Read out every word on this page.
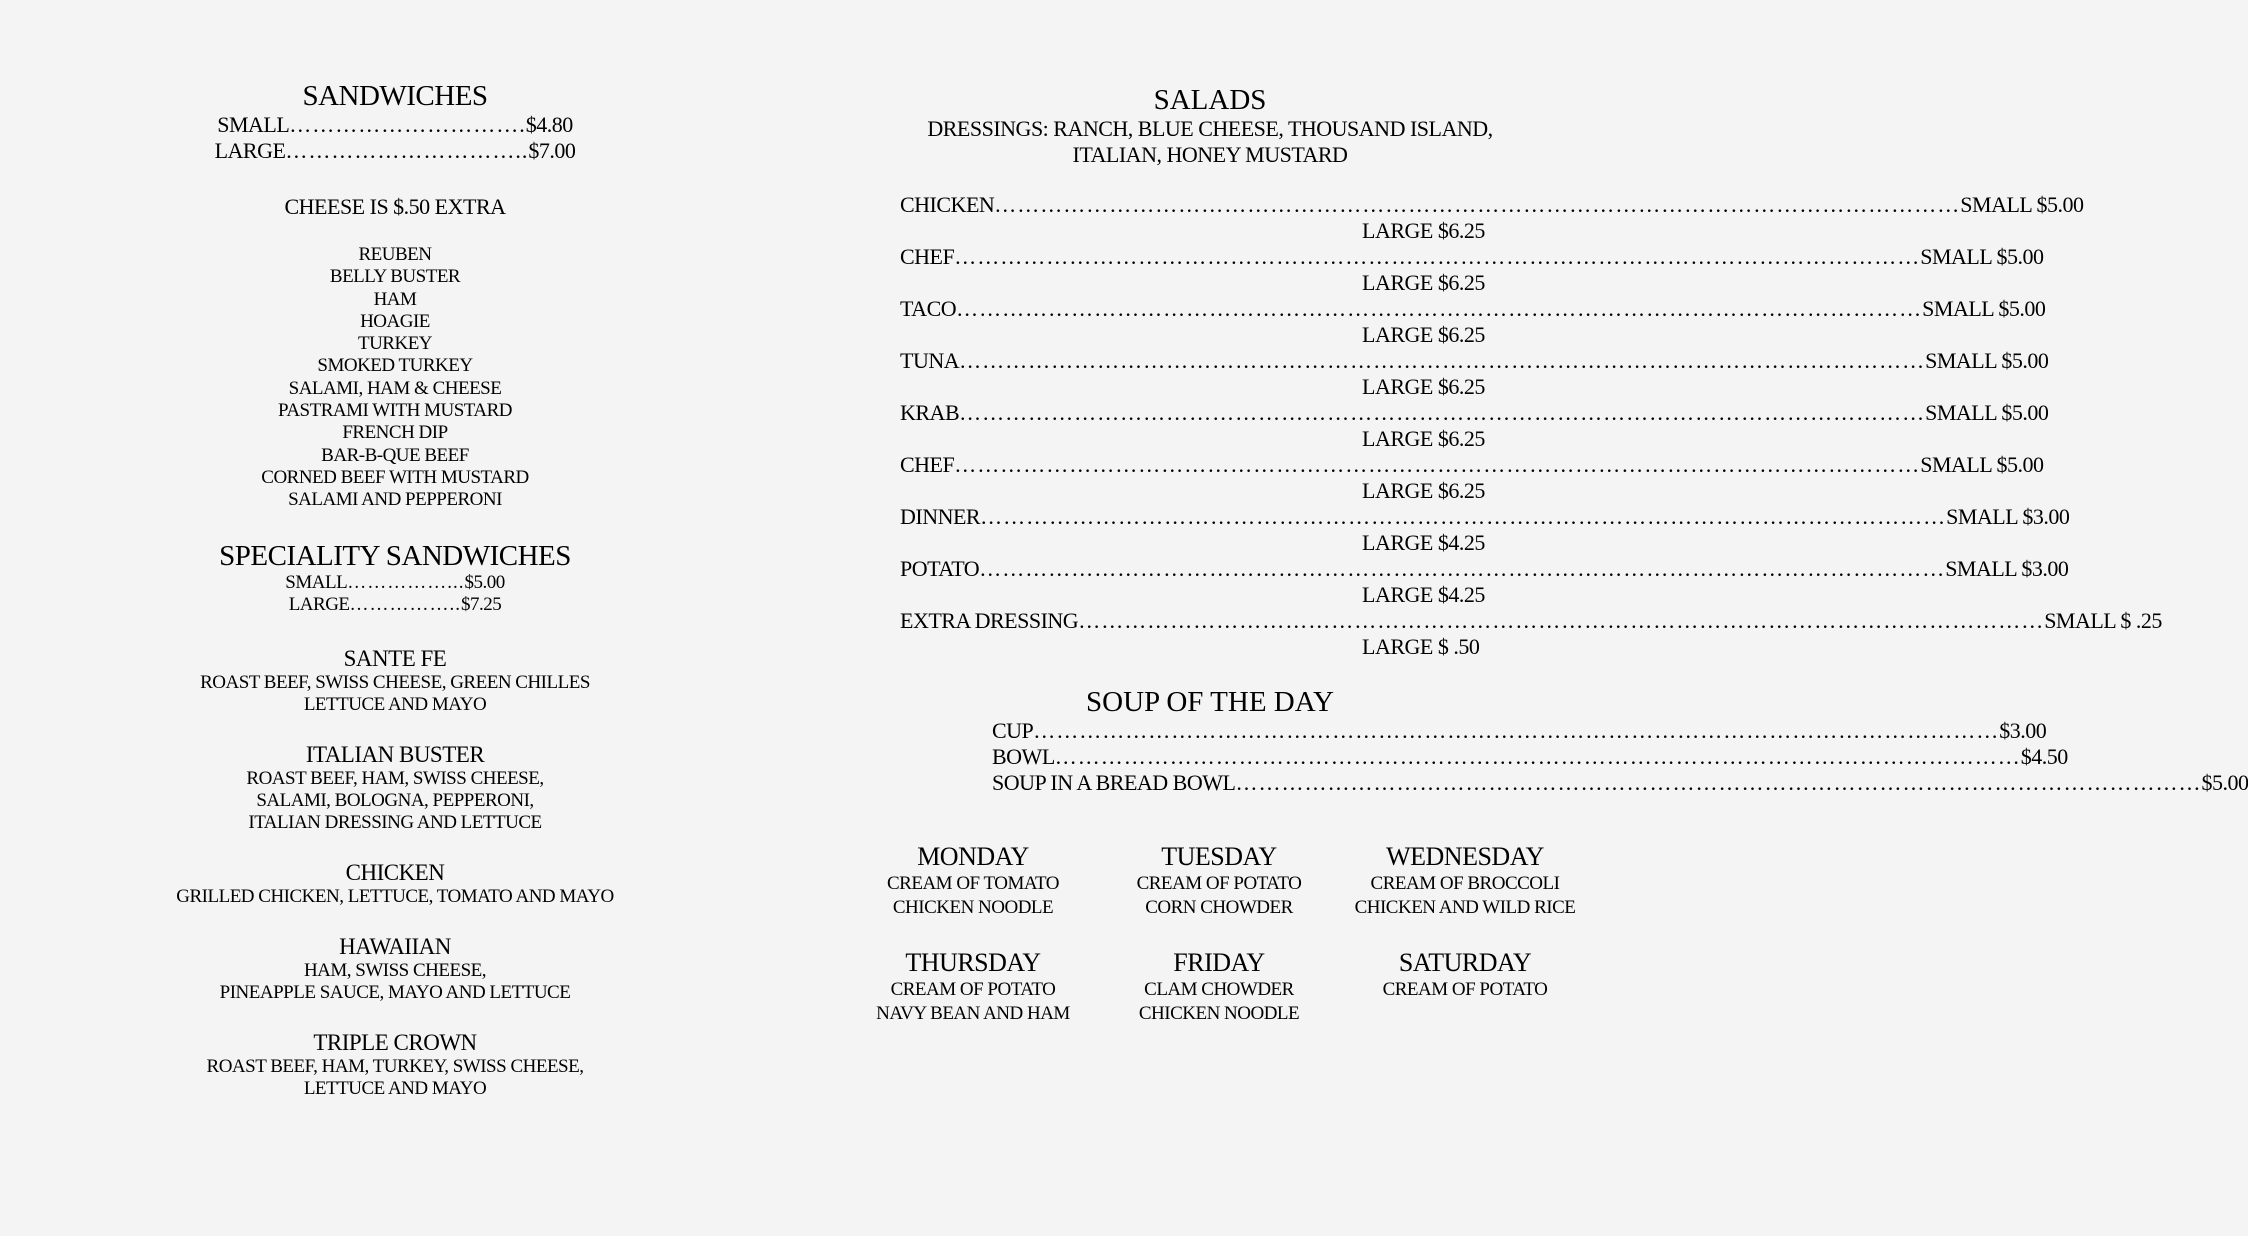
SANDWICHES
SMALL …………………………. $4.80
LARGE ………………………….. $7.00
CHEESE IS $.50 EXTRA
REUBEN
BELLY BUSTER
HAM
HOAGIE
TURKEY
SMOKED TURKEY
SALAMI, HAM & CHEESE
PASTRAMI WITH MUSTARD
FRENCH DIP
BAR-B-QUE BEEF
CORNED BEEF WITH MUSTARD
SALAMI AND PEPPERONI
SPECIALITY SANDWICHES
SMALL ……………... $5.00
LARGE …………….. $7.25
SANTE FE
ROAST BEEF, SWISS CHEESE, GREEN CHILLES
LETTUCE AND MAYO
ITALIAN BUSTER
ROAST BEEF, HAM, SWISS CHEESE,
SALAMI, BOLOGNA, PEPPERONI,
ITALIAN DRESSING AND LETTUCE
CHICKEN
GRILLED CHICKEN, LETTUCE, TOMATO AND MAYO
HAWAIIAN
HAM, SWISS CHEESE,
PINEAPPLE SAUCE, MAYO AND LETTUCE
TRIPLE CROWN
ROAST BEEF, HAM, TURKEY, SWISS CHEESE,
LETTUCE AND MAYO
SALADS
DRESSINGS: RANCH, BLUE CHEESE, THOUSAND ISLAND,
ITALIAN, HONEY MUSTARD
CHICKEN ……………………………………………………………………………………………………………… SMALL $5.00
LARGE $6.25
CHEF ……………………………………………………………………………………………………………… SMALL $5.00
LARGE $6.25
TACO ……………………………………………………………………………………………………………… SMALL $5.00
LARGE $6.25
TUNA ……………………………………………………………………………………………………………… SMALL $5.00
LARGE $6.25
KRAB ……………………………………………………………………………………………………………… SMALL $5.00
LARGE $6.25
CHEF ……………………………………………………………………………………………………………… SMALL $5.00
LARGE $6.25
DINNER ……………………………………………………………………………………………………………… SMALL $3.00
LARGE $4.25
POTATO ……………………………………………………………………………………………………………… SMALL $3.00
LARGE $4.25
EXTRA DRESSING ……………………………………………………………………………………………………………… SMALL $ .25
LARGE $ .50
SOUP OF THE DAY
CUP ……………………………………………………………………………………………………………… $3.00
BOWL ……………………………………………………………………………………………………………… $4.50
SOUP IN A BREAD BOWL ……………………………………………………………………………………………………………… $5.00
MONDAY
CREAM OF TOMATO
CHICKEN NOODLE
TUESDAY
CREAM OF POTATO
CORN CHOWDER
WEDNESDAY
CREAM OF BROCCOLI
CHICKEN AND WILD RICE
THURSDAY
CREAM OF POTATO
NAVY BEAN AND HAM
FRIDAY
CLAM CHOWDER
CHICKEN NOODLE
SATURDAY
CREAM OF POTATO
